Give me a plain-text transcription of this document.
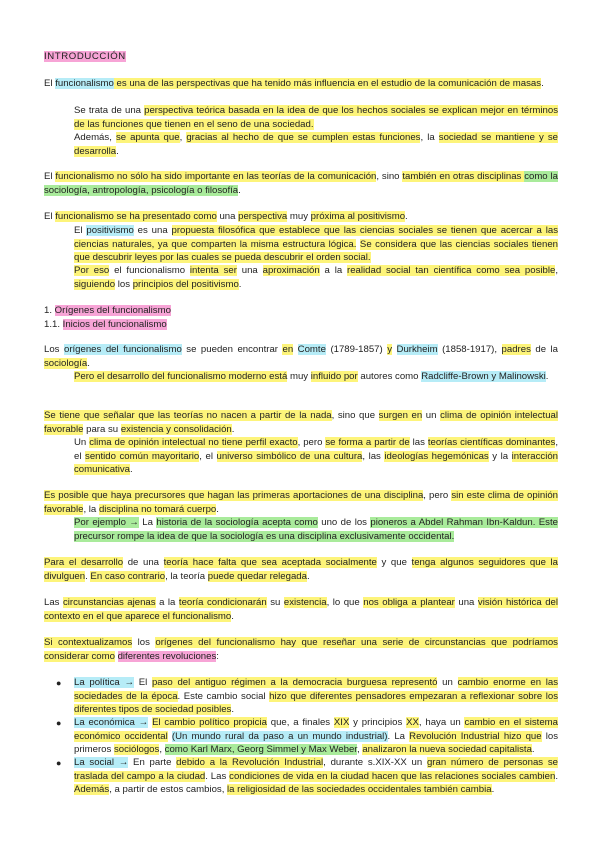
INTRODUCCIÓN

El funcionalismo es una de las perspectivas que ha tenido más influencia en el estudio de la comunicación de masas.

Se trata de una perspectiva teórica basada en la idea de que los hechos sociales se explican mejor en términos de las funciones que tienen en el seno de una sociedad.

Además, se apunta que, gracias al hecho de que se cumplen estas funciones, la sociedad se mantiene y se desarrolla.

El funcionalismo no sólo ha sido importante en las teorías de la comunicación, sino también en otras disciplinas como la sociología, antropología, psicología o filosofía.

El funcionalismo se ha presentado como una perspectiva muy próxima al positivismo.

El positivismo es una propuesta filosófica que establece que las ciencias sociales se tienen que acercar a las ciencias naturales, ya que comparten la misma estructura lógica. Se considera que las ciencias sociales tienen que descubrir leyes por las cuales se pueda descubrir el orden social.

Por eso el funcionalismo intenta ser una aproximación a la realidad social tan científica como sea posible, siguiendo los principios del positivismo.

1. Orígenes del funcionalismo

1.1. Inicios del funcionalismo

Los orígenes del funcionalismo se pueden encontrar en Comte (1789-1857) y Durkheim (1858-1917), padres de la sociología.

Pero el desarrollo del funcionalismo moderno está muy influido por autores como Radcliffe-Brown y Malinowski.

Se tiene que señalar que las teorías no nacen a partir de la nada, sino que surgen en un clima de opinión intelectual favorable para su existencia y consolidación.

Un clima de opinión intelectual no tiene perfil exacto, pero se forma a partir de las teorías científicas dominantes, el sentido común mayoritario, el universo simbólico de una cultura, las ideologías hegemónicas y la interacción comunicativa.

Es posible que haya precursores que hagan las primeras aportaciones de una disciplina, pero sin este clima de opinión favorable, la disciplina no tomará cuerpo.

Por ejemplo → La historia de la sociología acepta como uno de los pioneros a Abdel Rahman Ibn-Kaldun. Este precursor rompe la idea de que la sociología es una disciplina exclusivamente occidental.

Para el desarrollo de una teoría hace falta que sea aceptada socialmente y que tenga algunos seguidores que la divulguen. En caso contrario, la teoría puede quedar relegada.

Las circunstancias ajenas a la teoría condicionarán su existencia, lo que nos obliga a plantear una visión histórica del contexto en el que aparece el funcionalismo.

Si contextualizamos los orígenes del funcionalismo hay que reseñar una serie de circunstancias que podríamos considerar como diferentes revoluciones:

● La política → El paso del antiguo régimen a la democracia burguesa representó un cambio enorme en las sociedades de la época. Este cambio social hizo que diferentes pensadores empezaran a reflexionar sobre los diferentes tipos de sociedad posibles.

● La económica → El cambio político propicia que, a finales XIX y principios XX, haya un cambio en el sistema económico occidental (Un mundo rural da paso a un mundo industrial). La Revolución Industrial hizo que los primeros sociólogos, como Karl Marx, Georg Simmel y Max Weber, analizaron la nueva sociedad capitalista.

● La social → En parte debido a la Revolución Industrial, durante s.XIX-XX un gran número de personas se traslada del campo a la ciudad. Las condiciones de vida en la ciudad hacen que las relaciones sociales cambien. Además, a partir de estos cambios, la religiosidad de las sociedades occidentales también cambia.
